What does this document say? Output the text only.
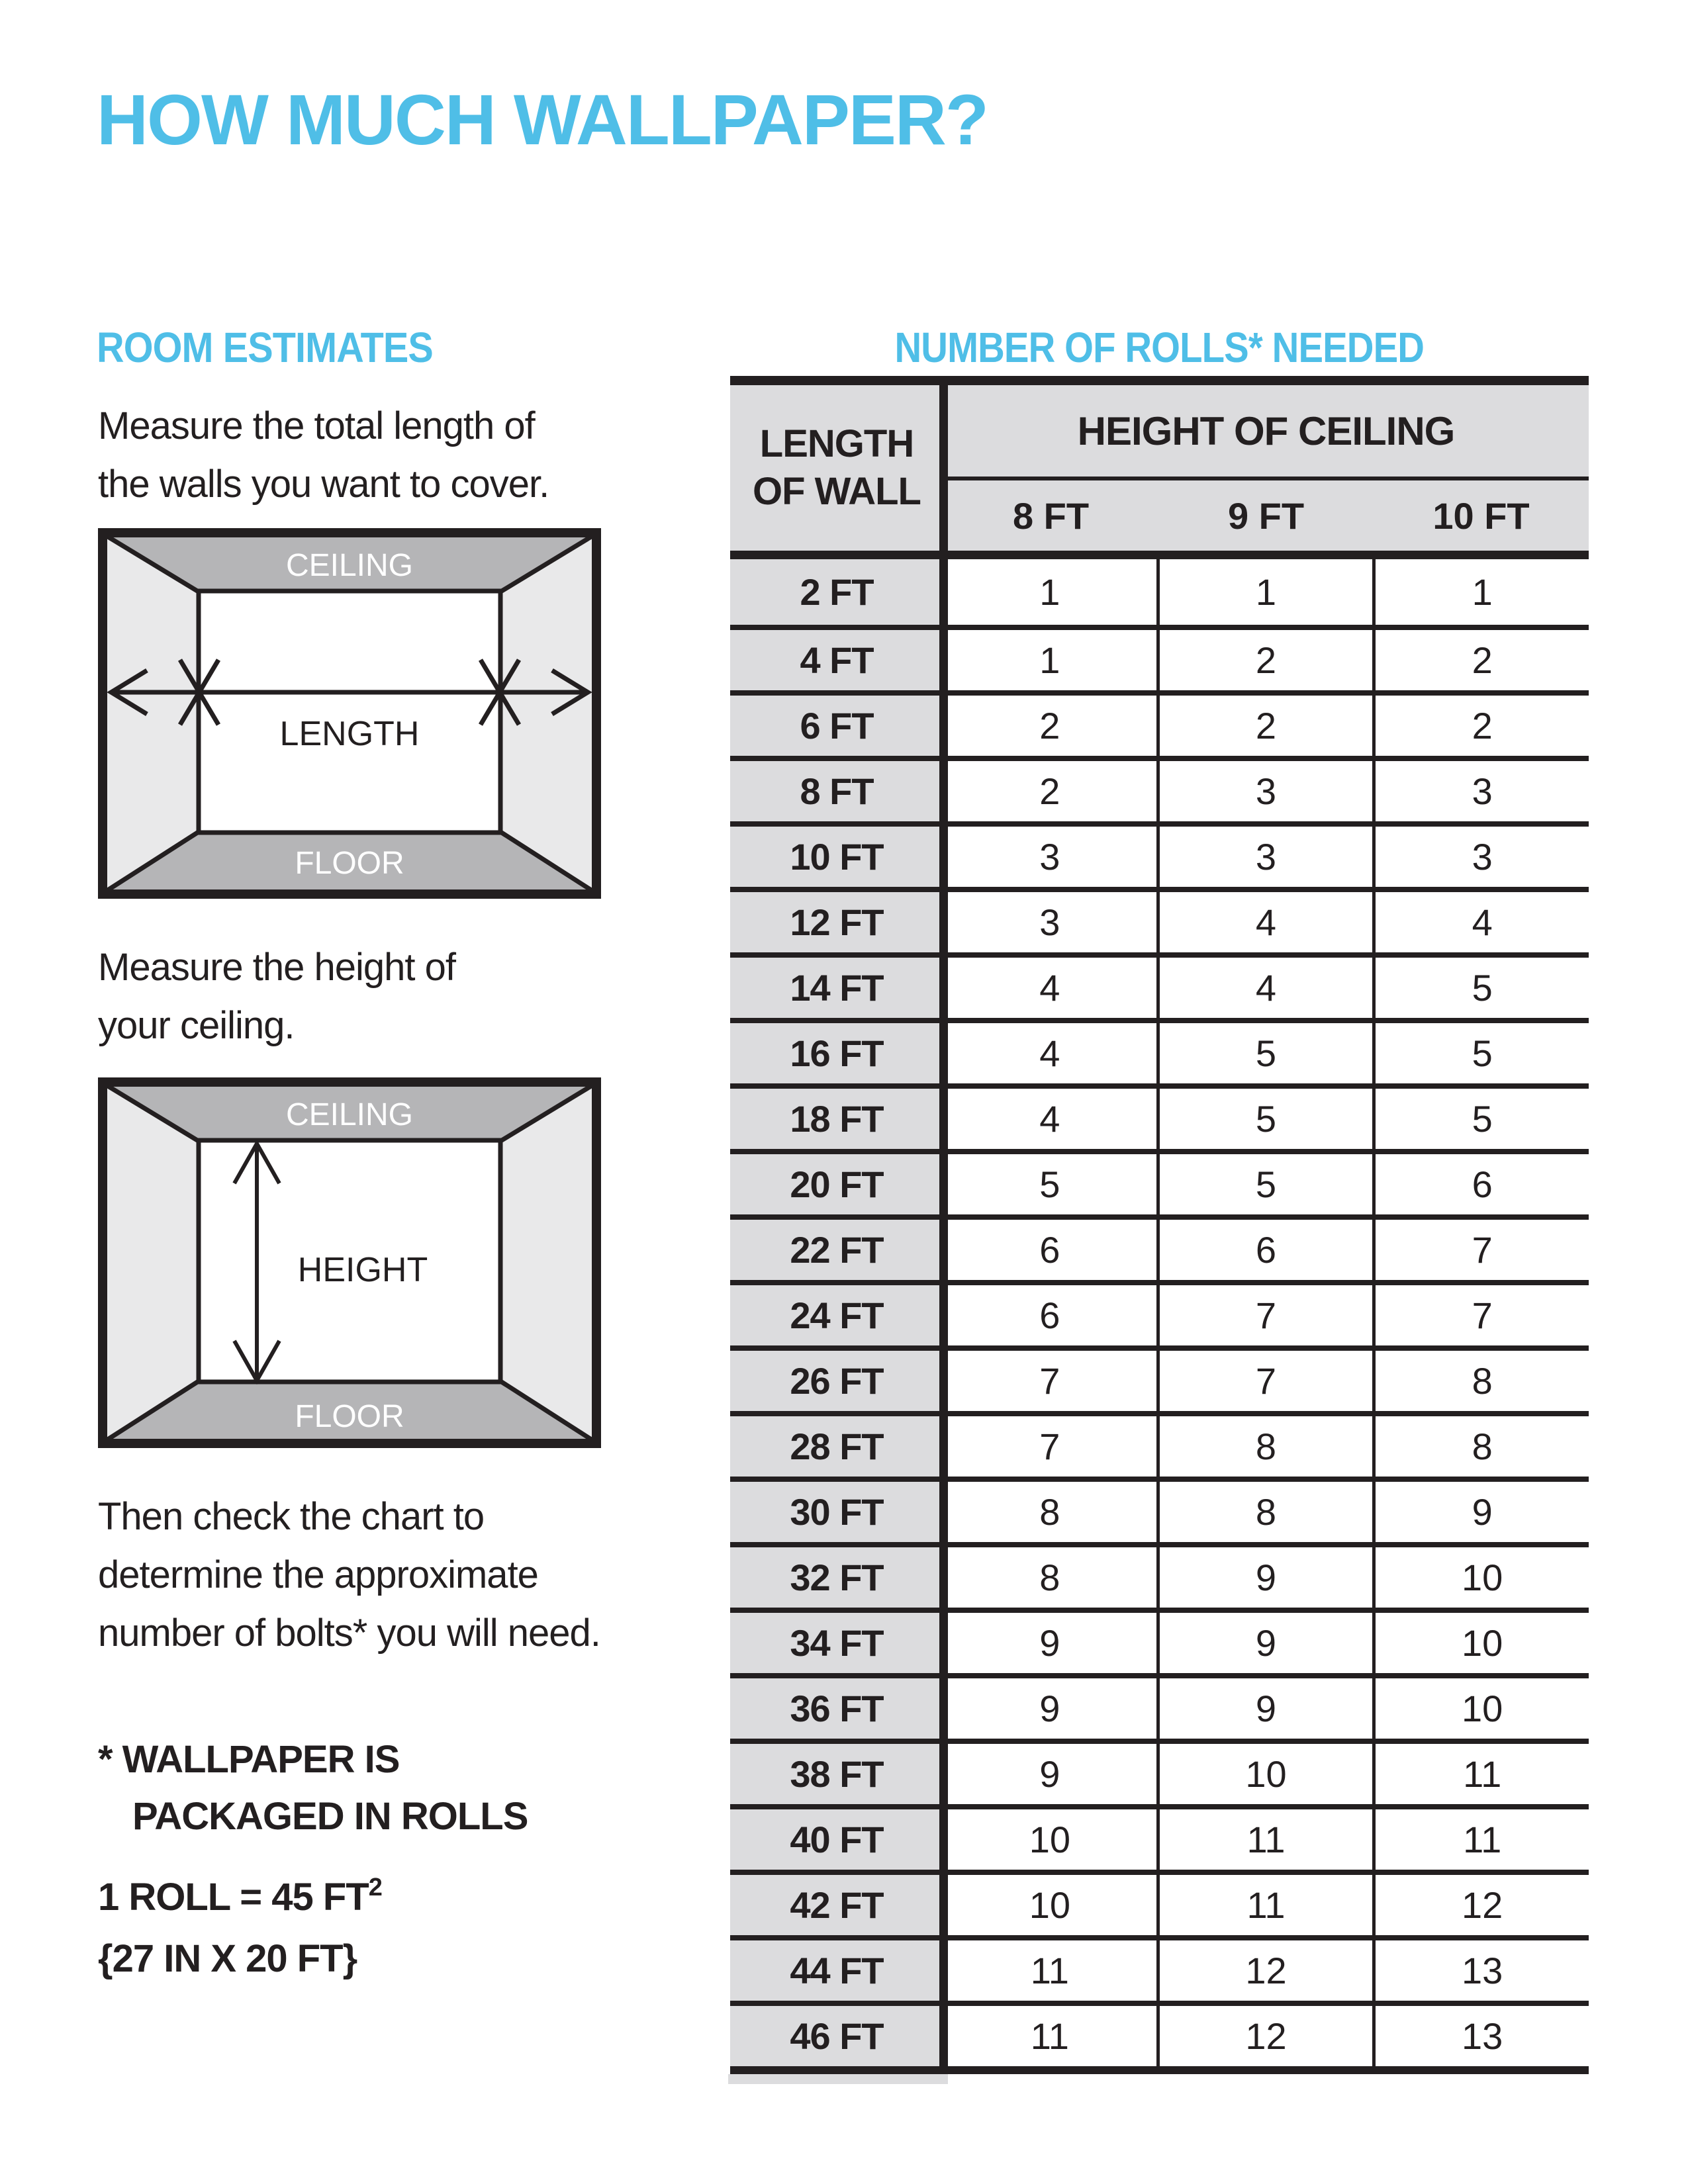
HOW MUCH WALLPAPER?
ROOM ESTIMATES	NUMBER OF ROLLS* NEEDED
Measure the total length of
the walls you want to cover.
CEILING
FLOOR
LENGTH
Measure the height of
your ceiling.
CEILING
FLOOR
HEIGHT
Then check the chart to
determine the approximate
number of bolts* you will need.
* WALLPAPER IS
PACKAGED IN ROLLS
1 ROLL = 45 $FT^2$
{27 IN X 20 FT}
LENGTH
OF WALL
HEIGHT OF CEILING
8 FT	9 FT	10 FT
2 FT	1	1	1
4 FT	1	2	2
6 FT	2	2	2
8 FT	2	3	3
10 FT	3	3	3
12 FT	3	4	4
14 FT	4	4	5
16 FT	4	5	5
18 FT	4	5	5
20 FT	5	5	6
22 FT	6	6	7
24 FT	6	7	7
26 FT	7	7	8
28 FT	7	8	8
30 FT	8	8	9
32 FT	8	9	10
34 FT	9	9	10
36 FT	9	9	10
38 FT	9	10	11
40 FT	10	11	11
42 FT	10	11	12
44 FT	11	12	13
46 FT	11	12	13
